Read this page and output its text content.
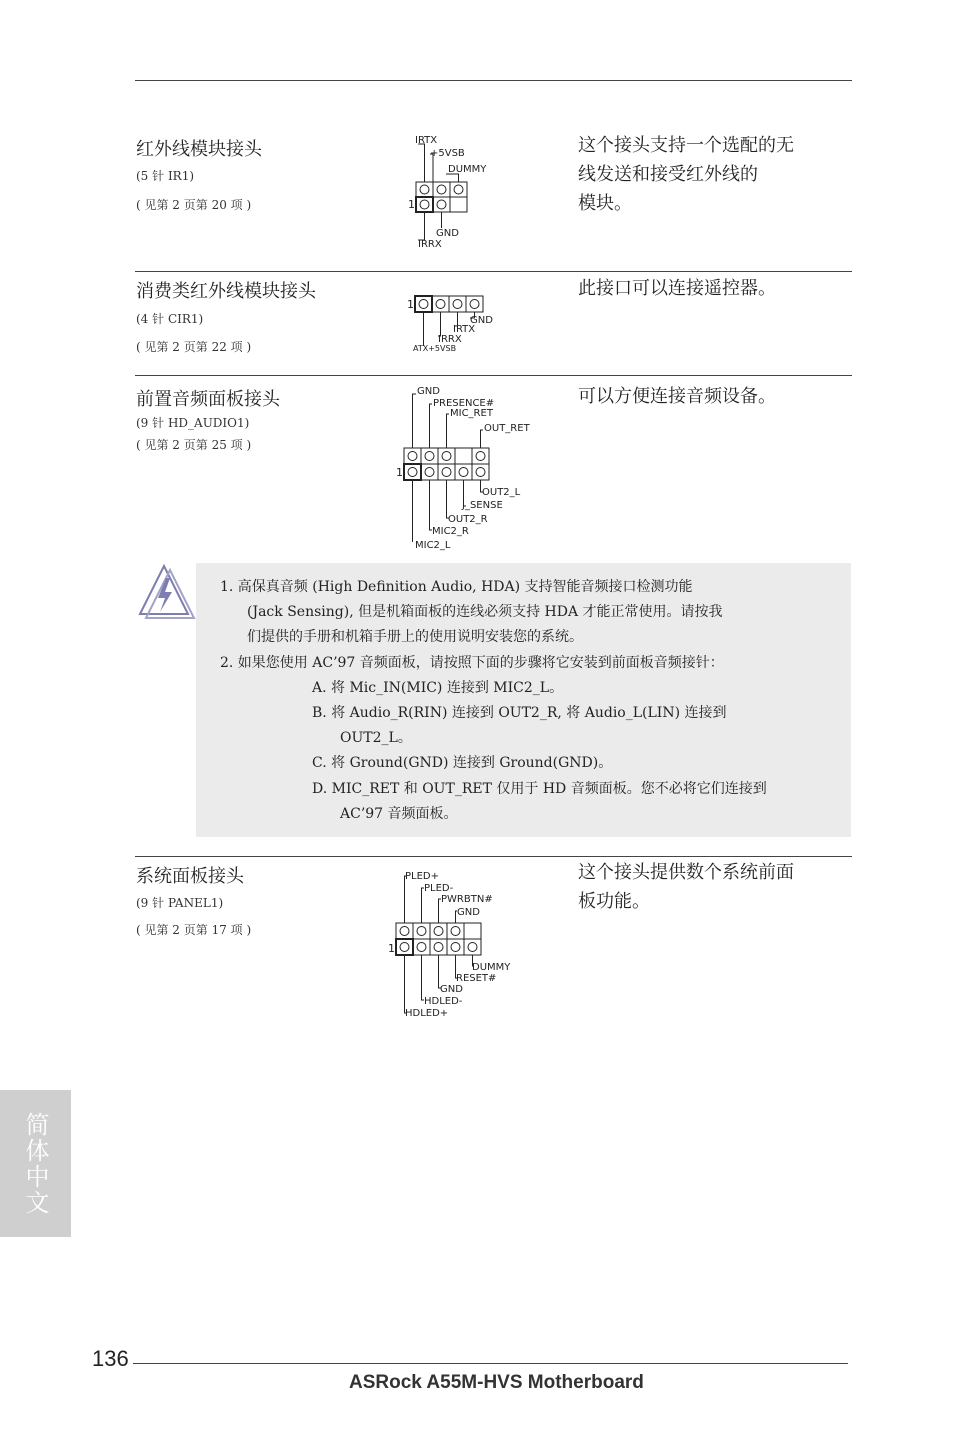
红外线模块接头
(5 针 IR1)
( 见第 2 页第 20 项 )
这个接头支持一个选配的无
线发送和接受红外线的
模块。
1
IRTX
+5VSB
DUMMY
GND
IRRX
消费类红外线模块接头
(4 针 CIR1)
( 见第 2 页第 22 项 )
此接口可以连接遥控器。
1
GND
IRTX
IRRX
ATX+5VSB
前置音频面板接头
(9 针 HD_AUDIO1)
( 见第 2 页第 25 项 )
可以方便连接音频设备。
1
GND
PRESENCE#
MIC_RET
OUT_RET
OUT2_L
J_SENSE
OUT2_R
MIC2_R
MIC2_L
1. 高保真音频 (High Definition Audio, HDA) 支持智能音频接口检测功能
(Jack Sensing), 但是机箱面板的连线必须支持 HDA 才能正常使用。请按我
们提供的手册和机箱手册上的使用说明安装您的系统。
2. 如果您使用 AC’97 音频面板，请按照下面的步骤将它安装到前面板音频接针：
A. 将 Mic_IN(MIC) 连接到 MIC2_L。
B. 将 Audio_R(RIN) 连接到 OUT2_R, 将 Audio_L(LIN) 连接到
OUT2_L。
C. 将 Ground(GND) 连接到 Ground(GND)。
D. MIC_RET 和 OUT_RET 仅用于 HD 音频面板。您不必将它们连接到
AC’97 音频面板。
系统面板接头
(9 针 PANEL1)
( 见第 2 页第 17 项 )
这个接头提供数个系统前面
板功能。
1
PLED+
PLED-
PWRBTN#
GND
DUMMY
RESET#
GND
HDLED-
HDLED+
简体中文
136
ASRock A55M-HVS Motherboard
